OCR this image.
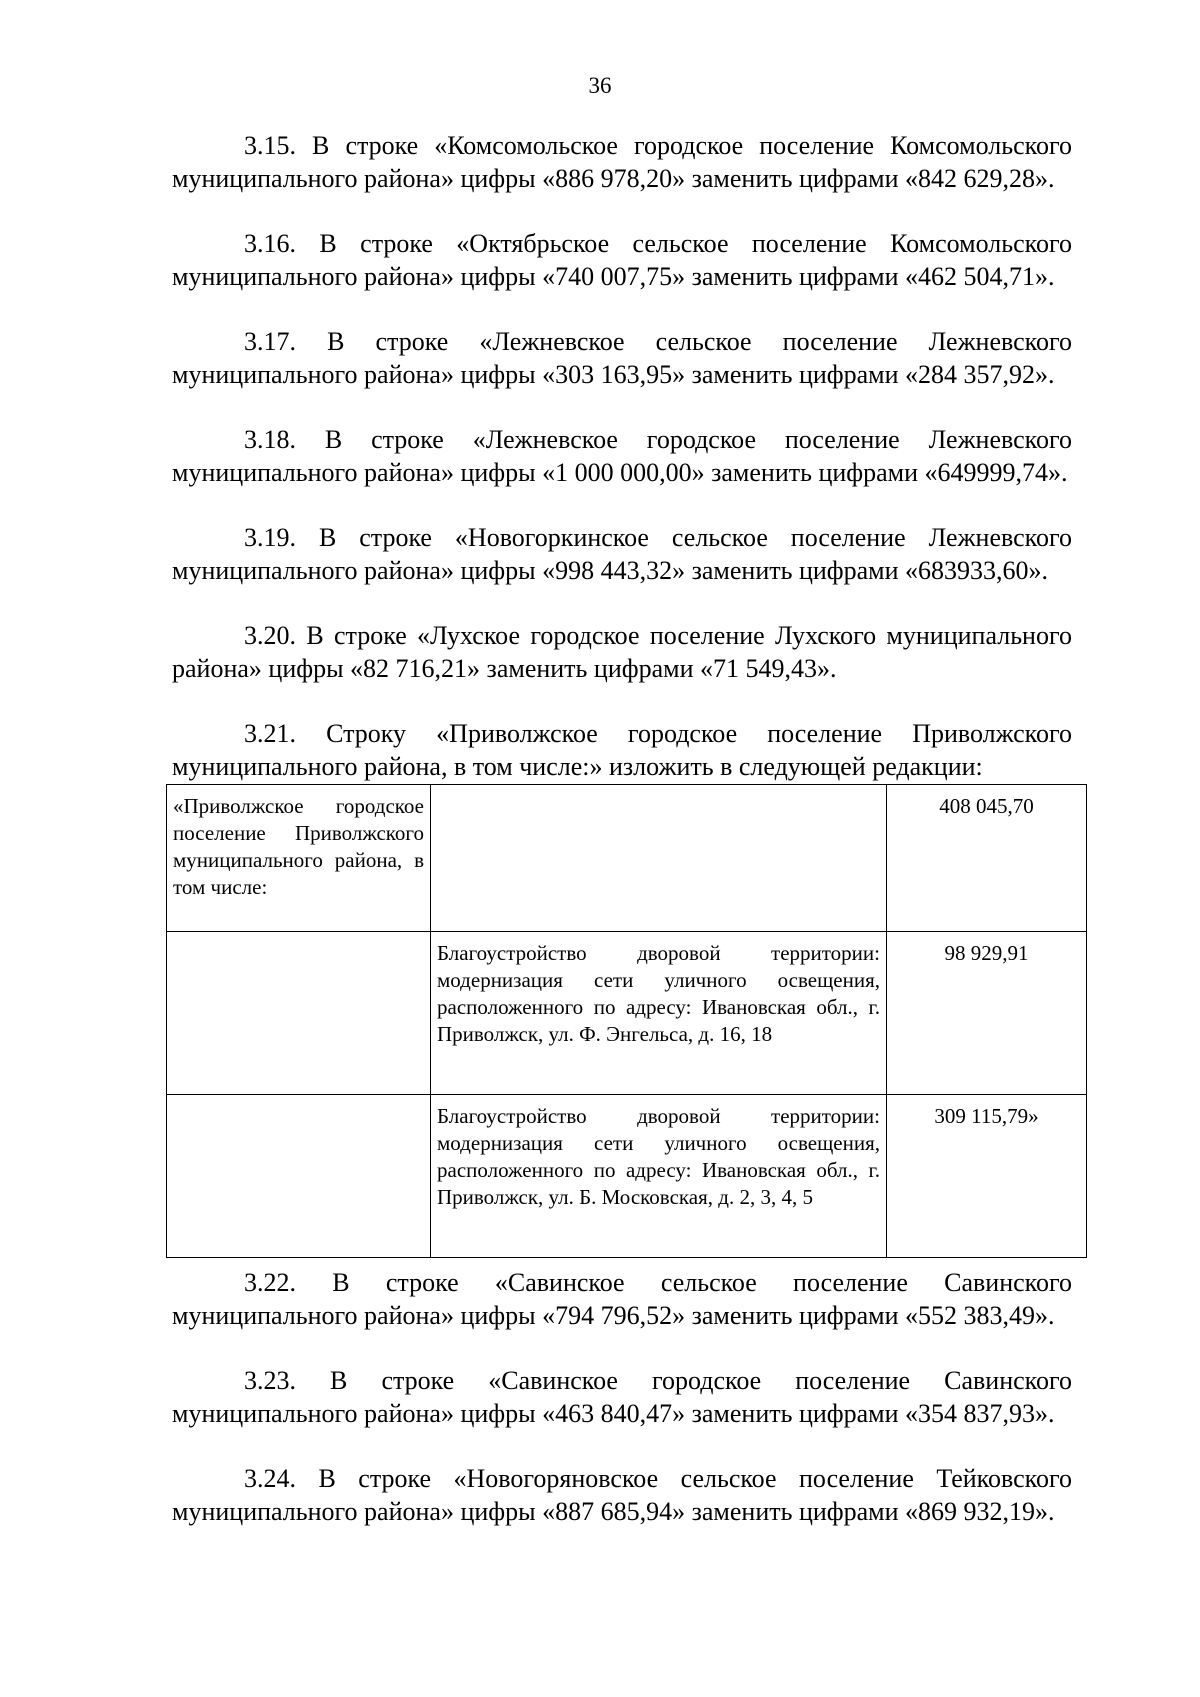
36

3.15. В строке «Комсомольское городское поселение Комсомольского муниципального района» цифры «886 978,20» заменить цифрами «842 629,28».

3.16. В строке «Октябрьское сельское поселение Комсомольского муниципального района» цифры «740 007,75» заменить цифрами «462 504,71».

3.17. В строке «Лежневское сельское поселение Лежневского муниципального района» цифры «303 163,95» заменить цифрами «284 357,92».

3.18. В строке «Лежневское городское поселение Лежневского муниципального района» цифры «1 000 000,00» заменить цифрами «649999,74».

3.19. В строке «Новогоркинское сельское поселение Лежневского муниципального района» цифры «998 443,32» заменить цифрами «683933,60».

3.20. В строке «Лухское городское поселение Лухского муниципального района» цифры «82 716,21» заменить цифрами «71 549,43».

3.21. Строку «Приволжское городское поселение Приволжского муниципального района, в том числе:» изложить в следующей редакции:

«Приволжское городское поселение Приволжского муниципального района, в том числе:		408 045,70
	Благоустройство дворовой территории: модернизация сети уличного освещения, расположенного по адресу: Ивановская обл., г. Приволжск, ул. Ф. Энгельса, д. 16, 18	98 929,91
	Благоустройство дворовой территории: модернизация сети уличного освещения, расположенного по адресу: Ивановская обл., г. Приволжск, ул. Б. Московская, д. 2, 3, 4, 5	309 115,79»

3.22. В строке «Савинское сельское поселение Савинского муниципального района» цифры «794 796,52» заменить цифрами «552 383,49».

3.23. В строке «Савинское городское поселение Савинского муниципального района» цифры «463 840,47» заменить цифрами «354 837,93».

3.24. В строке «Новогоряновское сельское поселение Тейковского муниципального района» цифры «887 685,94» заменить цифрами «869 932,19».
